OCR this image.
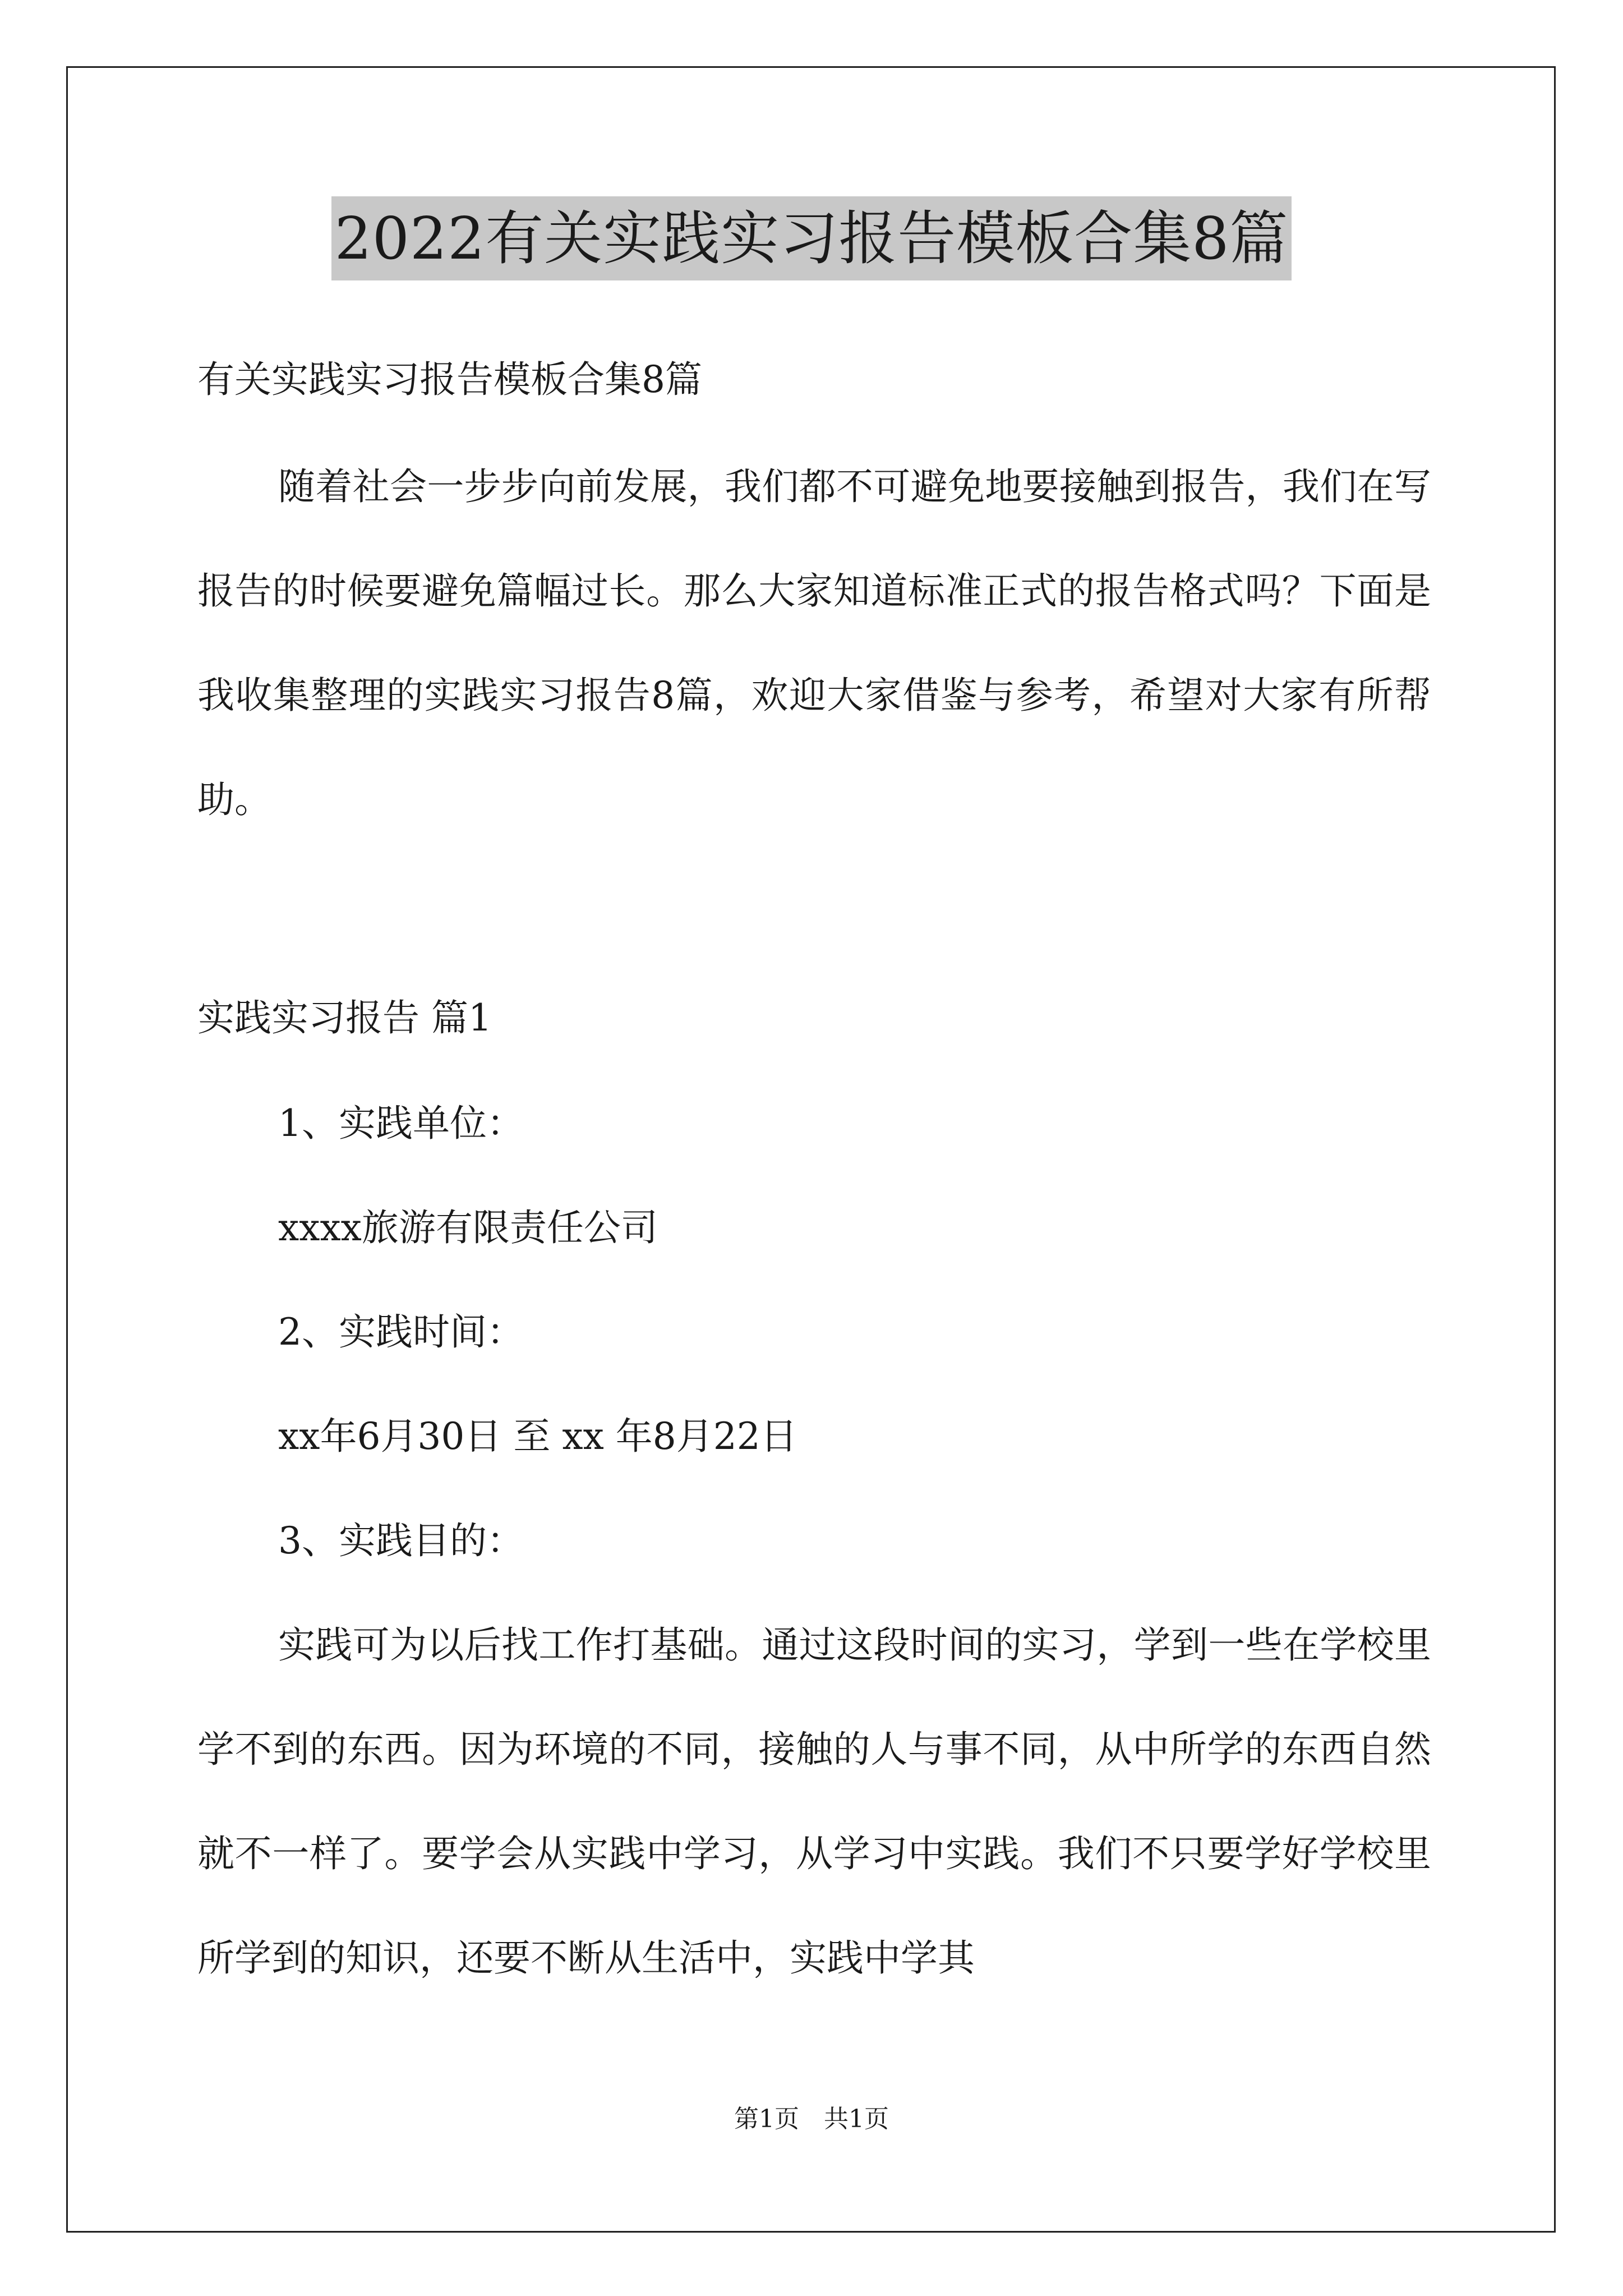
2022有关实践实习报告模板合集8篇
有关实践实习报告模板合集8篇
随着社会一步步向前发展，我们都不可避免地要接触到报告，我们在写报告的时候要避免篇幅过长。那么大家知道标准正式的报告格式吗？下面是我收集整理的实践实习报告8篇，欢迎大家借鉴与参考，希望对大家有所帮助。
实践实习报告 篇1
1、实践单位：
xxxx旅游有限责任公司
2、实践时间：
xx年6月30日 至 xx 年8月22日
3、实践目的：
实践可为以后找工作打基础。通过这段时间的实习，学到一些在学校里学不到的东西。因为环境的不同，接触的人与事不同，从中所学的东西自然就不一样了。要学会从实践中学习，从学习中实践。我们不只要学好学校里所学到的知识，还要不断从生活中，实践中学其
第1页　共1页
